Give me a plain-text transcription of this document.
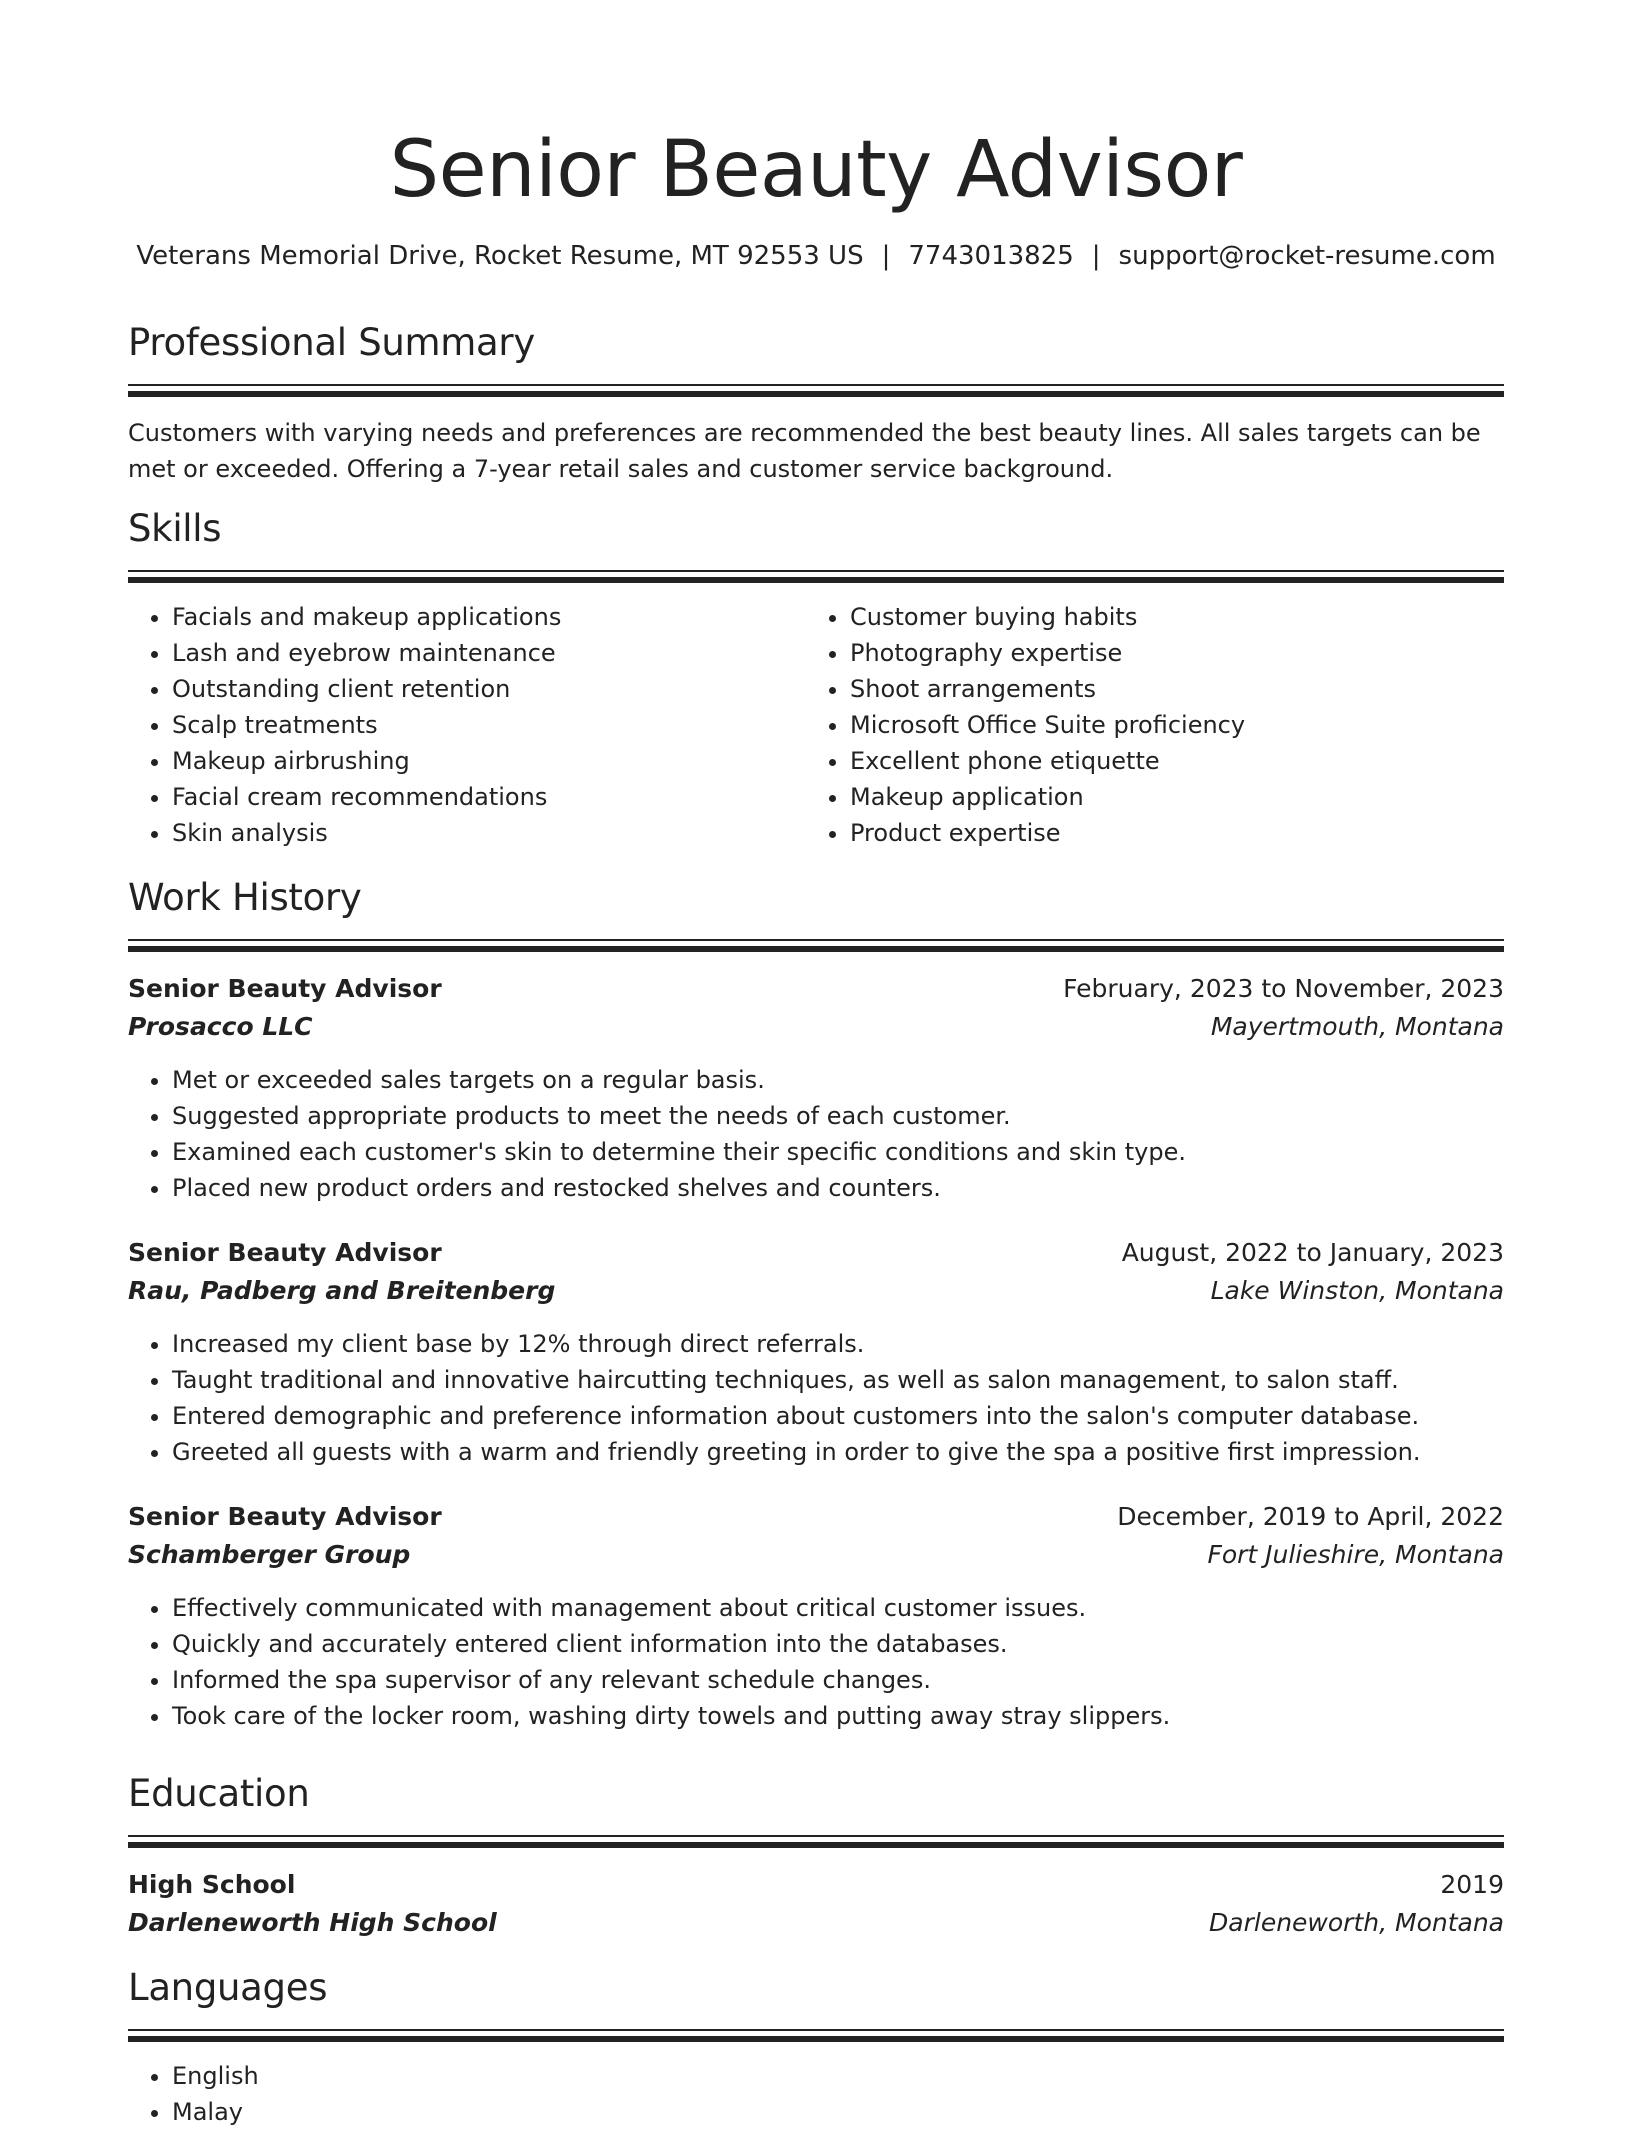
Senior Beauty Advisor
Veterans Memorial Drive, Rocket Resume, MT 92553 US | 7743013825 | support@rocket-resume.com
Professional Summary
Customers with varying needs and preferences are recommended the best beauty lines. All sales targets can be met or exceeded. Offering a 7-year retail sales and customer service background.
Skills
• Facials and makeup applications
• Lash and eyebrow maintenance
• Outstanding client retention
• Scalp treatments
• Makeup airbrushing
• Facial cream recommendations
• Skin analysis
• Customer buying habits
• Photography expertise
• Shoot arrangements
• Microsoft Office Suite proficiency
• Excellent phone etiquette
• Makeup application
• Product expertise
Work History
Senior Beauty Advisor	February, 2023 to November, 2023
Prosacco LLC	Mayertmouth, Montana
• Met or exceeded sales targets on a regular basis.
• Suggested appropriate products to meet the needs of each customer.
• Examined each customer's skin to determine their specific conditions and skin type.
• Placed new product orders and restocked shelves and counters.
Senior Beauty Advisor	August, 2022 to January, 2023
Rau, Padberg and Breitenberg	Lake Winston, Montana
• Increased my client base by 12% through direct referrals.
• Taught traditional and innovative haircutting techniques, as well as salon management, to salon staff.
• Entered demographic and preference information about customers into the salon's computer database.
• Greeted all guests with a warm and friendly greeting in order to give the spa a positive first impression.
Senior Beauty Advisor	December, 2019 to April, 2022
Schamberger Group	Fort Julieshire, Montana
• Effectively communicated with management about critical customer issues.
• Quickly and accurately entered client information into the databases.
• Informed the spa supervisor of any relevant schedule changes.
• Took care of the locker room, washing dirty towels and putting away stray slippers.
Education
High School	2019
Darleneworth High School	Darleneworth, Montana
Languages
• English
• Malay
